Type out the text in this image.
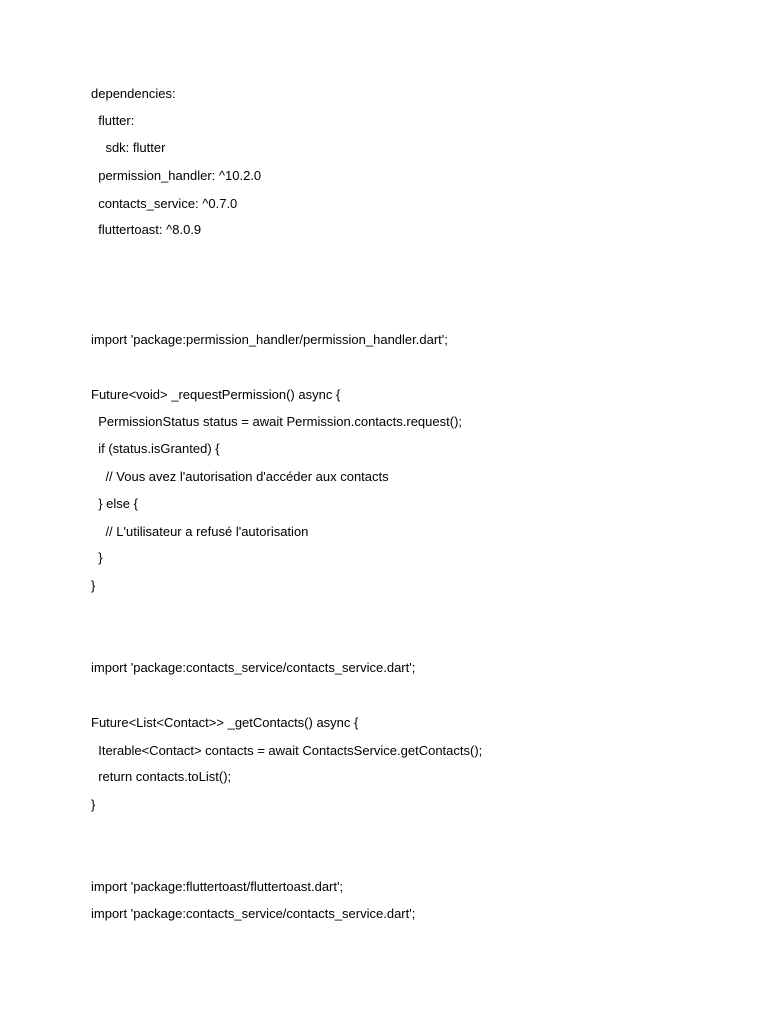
dependencies:

flutter:

sdk: flutter

permission_handler: ^10.2.0

contacts_service: ^0.7.0

fluttertoast: ^8.0.9

import 'package:permission_handler/permission_handler.dart';

Future<void> _requestPermission() async {

PermissionStatus status = await Permission.contacts.request();

if (status.isGranted) {

// Vous avez l'autorisation d'accéder aux contacts

} else {

// L'utilisateur a refusé l'autorisation

}

}

import 'package:contacts_service/contacts_service.dart';

Future<List<Contact>> _getContacts() async {

Iterable<Contact> contacts = await ContactsService.getContacts();

return contacts.toList();

}

import 'package:fluttertoast/fluttertoast.dart';

import 'package:contacts_service/contacts_service.dart';
